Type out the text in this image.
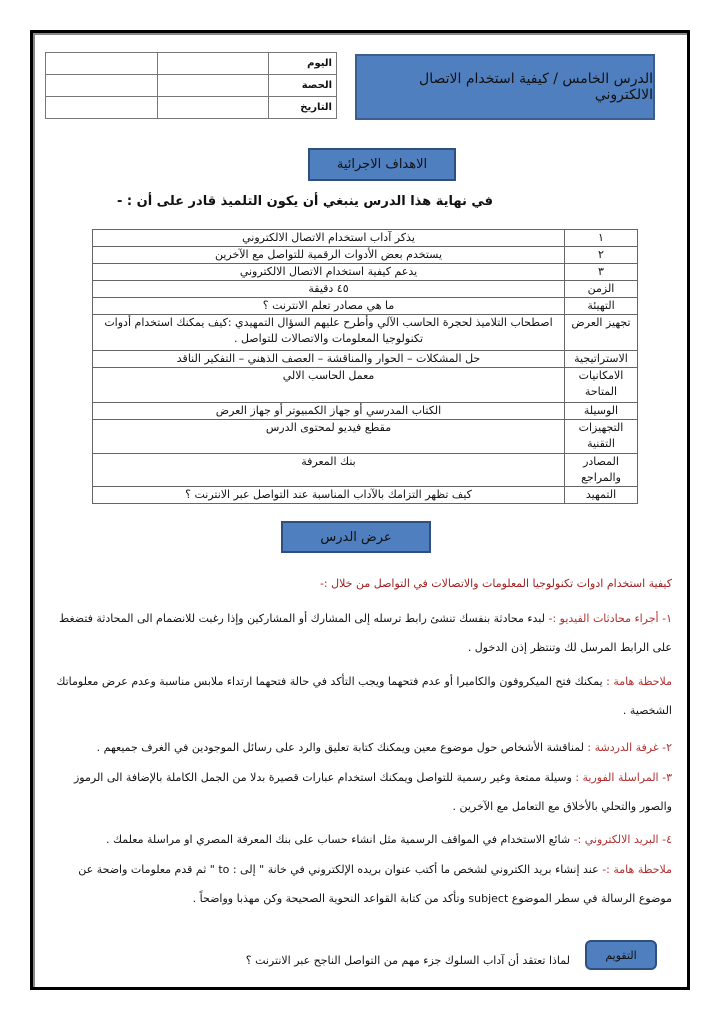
اليوم		
الحصة		
التاريخ		
الدرس الخامس / كيفية استخدام الاتصال الالكتروني
الاهداف الاجرائية
في نهاية هذا الدرس ينبغي أن يكون التلميذ قادر على أن : -
١	يذكر آداب استخدام الاتصال الالكتروني
٢	يستخدم بعض الأدوات الرقمية للتواصل مع الآخرين
٣	يدعم كيفية استخدام الاتصال الالكتروني
الزمن	٤٥ دقيقة
التهيئة	ما هي مصادر تعلم الانترنت ؟
تجهيز العرض	اصطحاب التلاميذ لحجرة الحاسب الآلي وأطرح عليهم السؤال التمهيدي :كيف يمكنك استخدام أدوات تكنولوجيا المعلومات والاتصالات للتواصل .
الاستراتيجية	حل المشكلات – الحوار والمناقشة – العصف الذهني – التفكير الناقد
الامكانيات المتاحة	معمل الحاسب الالي
الوسيلة	الكتاب المدرسي أو جهاز الكمبيوتر أو جهاز العرض
التجهيزات التقنية	مقطع فيديو لمحتوى الدرس
المصادر والمراجع	بنك المعرفة
التمهيد	كيف تظهر التزامك بالآداب المناسبة عند التواصل عبر الانترنت ؟
عرض الدرس
كيفية استخدام ادوات تكنولوجيا المعلومات والاتصالات في التواصل من خلال :-
١- أجراء محادثات الفيديو :- لبدء محادثة بنفسك تنشئ رابط ترسله إلى المشارك أو المشاركين وإذا رغبت للانضمام الى المحادثة فتضغط على الرابط المرسل لك وتنتظر إذن الدخول .
ملاحظة هامة : يمكنك فتح الميكروفون والكاميرا أو عدم فتحهما ويجب التأكد في حالة فتحهما ارتداء ملابس مناسبة وعدم عرض معلوماتك الشخصية .
٢- غرفة الدردشة : لمناقشة الأشخاص حول موضوع معين ويمكنك كتابة تعليق والرد على رسائل الموجودين في الغرف جميعهم .
٣- المراسلة الفورية : وسيلة ممتعة وغير رسمية للتواصل ويمكنك استخدام عبارات قصيرة بدلا من الجمل الكاملة بالإضافة الى الرموز والصور والتحلي بالأخلاق مع التعامل مع الآخرين .
٤- البريد الالكتروني :- شائع الاستخدام في المواقف الرسمية مثل انشاء حساب على بنك المعرفة المصري او مراسلة معلمك .
ملاحظة هامة :- عند إنشاء بريد الكتروني لشخص ما أكتب عنوان بريده الإلكتروني في خانة " إلى : to " ثم قدم معلومات واضحة عن موضوع الرسالة في سطر الموضوع subject وتأكد من كتابة القواعد النحوية الصحيحة وكن مهذبا وواضحاً .
التقويم
لماذا تعتقد أن آداب السلوك جزء مهم من التواصل الناجح عبر الانترنت ؟
